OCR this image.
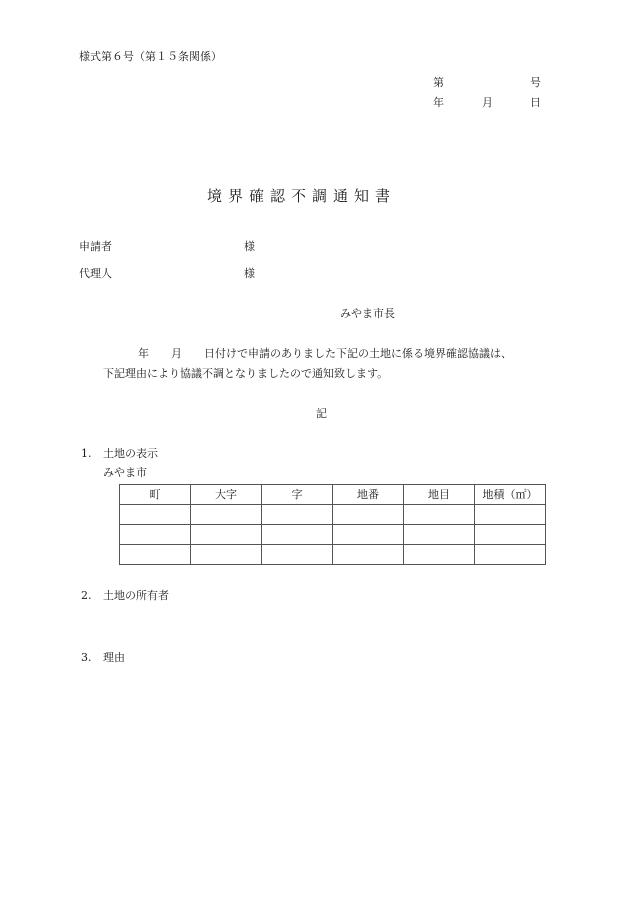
様式第６号（第１５条関係）
第	号
年	月	日
境界確認不調通知書
申請者	様
代理人	様
みやま市長
年 月 日付けで申請のありました下記の土地に係る境界確認協議は、
下記理由により協議不調となりましたので通知致します。
記
1. 土地の表示
みやま市
町	大字	字	地番	地目	地積（㎡）

2. 土地の所有者
3. 理由
